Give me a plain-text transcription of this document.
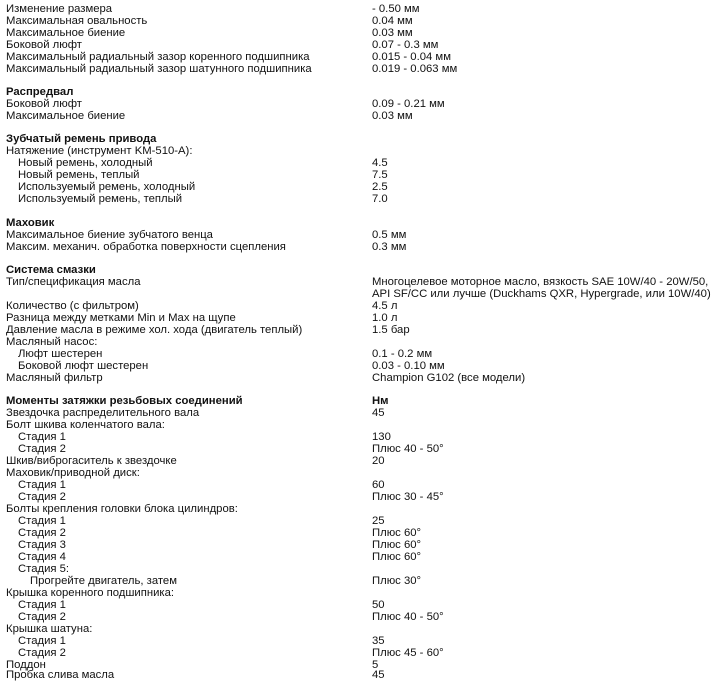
Изменение размера	- 0.50 мм
Максимальная овальность	0.04 мм
Максимальное биение	0.03 мм
Боковой люфт	0.07 - 0.3 мм
Максимальный радиальный зазор коренного подшипника	0.015 - 0.04 мм
Максимальный радиальный зазор шатунного подшипника	0.019 - 0.063 мм
Распредвал
Боковой люфт	0.09 - 0.21 мм
Максимальное биение	0.03 мм
Зубчатый ремень привода
Натяжение (инструмент KM-510-A):
Новый ремень, холодный	4.5
Новый ремень, теплый	7.5
Используемый ремень, холодный	2.5
Используемый ремень, теплый	7.0
Маховик
Максимальное биение зубчатого венца	0.5 мм
Максим. механич. обработка поверхности сцепления	0.3 мм
Система смазки
Тип/спецификация масла	Многоцелевое моторное масло, вязкость SAE 10W/40 - 20W/50,
API SF/CC или лучше (Duckhams QXR, Hypergrade, или 10W/40)
Количество (с фильтром)	4.5 л
Разница между метками Min и Max на щупе	1.0 л
Давление масла в режиме хол. хода (двигатель теплый)	1.5 бар
Масляный насос:
Люфт шестерен	0.1 - 0.2 мм
Боковой люфт шестерен	0.03 - 0.10 мм
Масляный фильтр	Champion G102 (все модели)
Моменты затяжки резьбовых соединений	Нм
Звездочка распределительного вала	45
Болт шкива коленчатого вала:
Стадия 1	130
Стадия 2	Плюс 40 - 50°
Шкив/виброгаситель к звездочке	20
Маховик/приводной диск:
Стадия 1	60
Стадия 2	Плюс 30 - 45°
Болты крепления головки блока цилиндров:
Стадия 1	25
Стадия 2	Плюс 60°
Стадия 3	Плюс 60°
Стадия 4	Плюс 60°
Стадия 5:
Прогрейте двигатель, затем	Плюс 30°
Крышка коренного подшипника:
Стадия 1	50
Стадия 2	Плюс 40 - 50°
Крышка шатуна:
Стадия 1	35
Стадия 2	Плюс 45 - 60°
Поддон	5
Пробка слива масла	45
